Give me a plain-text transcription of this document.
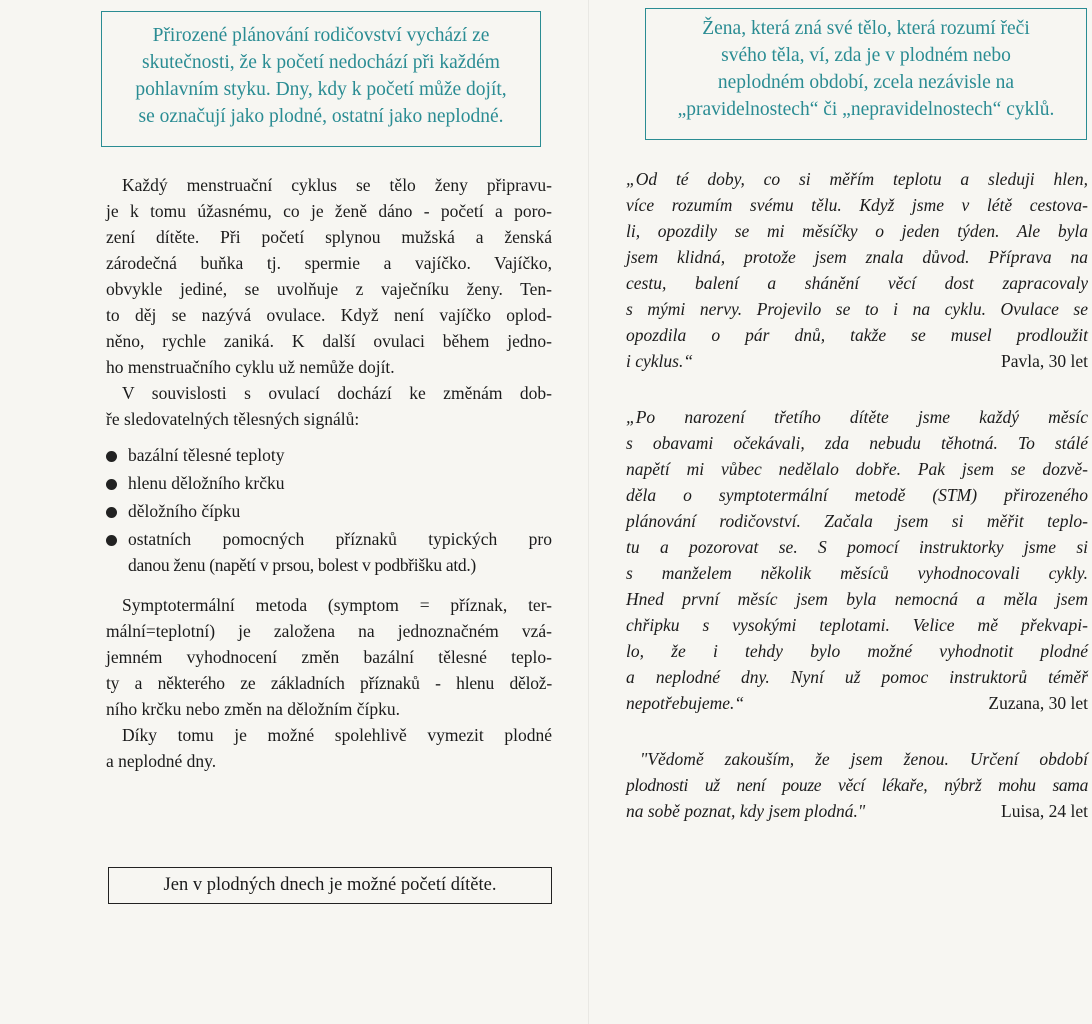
Přirozené plánování rodičovství vychází ze
skutečnosti, že k početí nedochází při každém
pohlavním styku. Dny, kdy k početí může dojít,
se označují jako plodné, ostatní jako neplodné.

Každý menstruační cyklus se tělo ženy připravu-
je k tomu úžasnému, co je ženě dáno - početí a poro-
zení dítěte. Při početí splynou mužská a ženská
zárodečná buňka tj. spermie a vajíčko. Vajíčko,
obvykle jediné, se uvolňuje z vaječníku ženy. Ten-
to děj se nazývá ovulace. Když není vajíčko oplod-
něno, rychle zaniká. K další ovulaci během jedno-
ho menstruačního cyklu už nemůže dojít.

V souvislosti s ovulací dochází ke změnám dob-
ře sledovatelných tělesných signálů:

bazální tělesné teploty
hlenu děložního krčku
děložního čípku
ostatních pomocných příznaků typických pro
danou ženu (napětí v prsou, bolest v podbřišku atd.)

Symptotermální metoda (symptom = příznak, ter-
mální=teplotní) je založena na jednoznačném vzá-
jemném vyhodnocení změn bazální tělesné teplo-
ty a některého ze základních příznaků - hlenu dělož-
ního krčku nebo změn na děložním čípku.

Díky tomu je možné spolehlivě vymezit plodné
a neplodné dny.

Jen v plodných dnech je možné početí dítěte.
Žena, která zná své tělo, která rozumí řeči
svého těla, ví, zda je v plodném nebo
neplodném období, zcela nezávisle na
„pravidelnostech“ či „nepravidelnostech“ cyklů.
„Od té doby, co si měřím teplotu a sleduji hlen,
více rozumím svému tělu. Když jsme v létě cestova-
li, opozdily se mi měsíčky o jeden týden. Ale byla
jsem klidná, protože jsem znala důvod. Příprava na
cestu, balení a shánění věcí dost zapracovaly
s mými nervy. Projevilo se to i na cyklu. Ovulace se
opozdila o pár dnů, takže se musel prodloužit
i cyklus.“	Pavla, 30 let
„Po narození třetího dítěte jsme každý měsíc
s obavami očekávali, zda nebudu těhotná. To stálé
napětí mi vůbec nedělalo dobře. Pak jsem se dozvě-
děla o symptotermální metodě (STM) přirozeného
plánování rodičovství. Začala jsem si měřit teplo-
tu a pozorovat se. S pomocí instruktorky jsme si
s manželem několik měsíců vyhodnocovali cykly.
Hned první měsíc jsem byla nemocná a měla jsem
chřipku s vysokými teplotami. Velice mě překvapi-
lo, že i tehdy bylo možné vyhodnotit plodné
a neplodné dny. Nyní už pomoc instruktorů téměř
nepotřebujeme.“	Zuzana, 30 let
"Vědomě zakouším, že jsem ženou. Určení období
plodnosti už není pouze věcí lékaře, nýbrž mohu sama
na sobě poznat, kdy jsem plodná."	Luisa, 24 let
